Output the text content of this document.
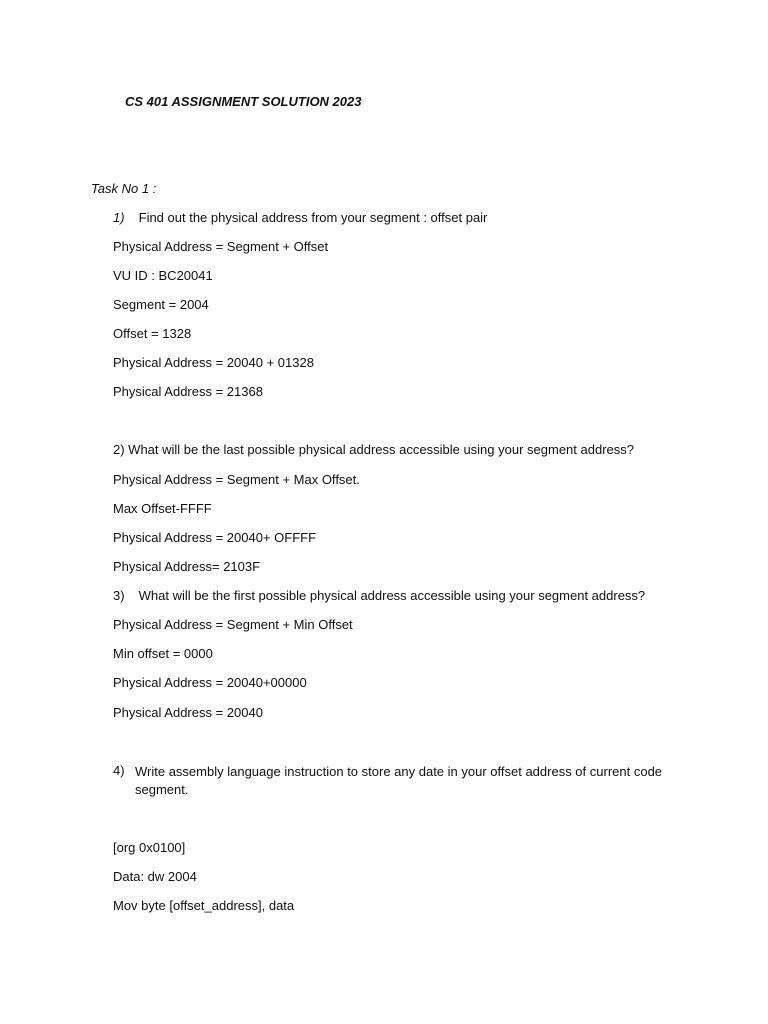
CS 401 ASSIGNMENT SOLUTION 2023
Task No 1 :
1) Find out the physical address from your segment : offset pair
Physical Address = Segment + Offset
VU ID : BC20041
Segment = 2004
Offset = 1328
Physical Address = 20040 + 01328
Physical Address = 21368
2) What will be the last possible physical address accessible using your segment address?
Physical Address = Segment + Max Offset.
Max Offset-FFFF
Physical Address = 20040+ OFFFF
Physical Address= 2103F
3) What will be the first possible physical address accessible using your segment address?
Physical Address = Segment + Min Offset
Min offset = 0000
Physical Address = 20040+00000
Physical Address = 20040
4) Write assembly language instruction to store any date in your offset address of current code segment.
[org 0x0100]
Data: dw 2004
Mov byte [offset_address], data
